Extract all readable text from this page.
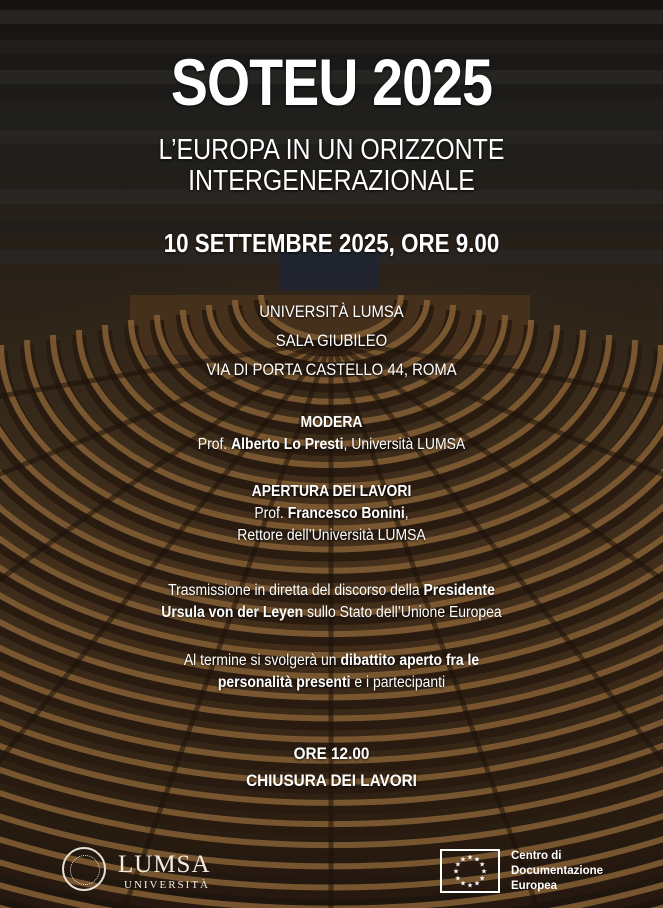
SOTEU 2025
L’EUROPA IN UN ORIZZONTE
INTERGENERAZIONALE
10 SETTEMBRE 2025, ORE 9.00
UNIVERSITÀ LUMSA
SALA GIUBILEO
VIA DI PORTA CASTELLO 44, ROMA
MODERA
Prof. Alberto Lo Presti, Università LUMSA
APERTURA DEI LAVORI
Prof. Francesco Bonini,
Rettore dell’Università LUMSA
Trasmissione in diretta del discorso della Presidente
Ursula von der Leyen sullo Stato dell’Unione Europea
Al termine si svolgerà un dibattito aperto fra le
personalità presenti e i partecipanti
ORE 12.00
CHIUSURA DEI LAVORI
LUMSA
UNIVERSITÀ
★
★
★
★
★
★
★
★
★ ★ ★
★
Centro di
Documentazione
Europea
